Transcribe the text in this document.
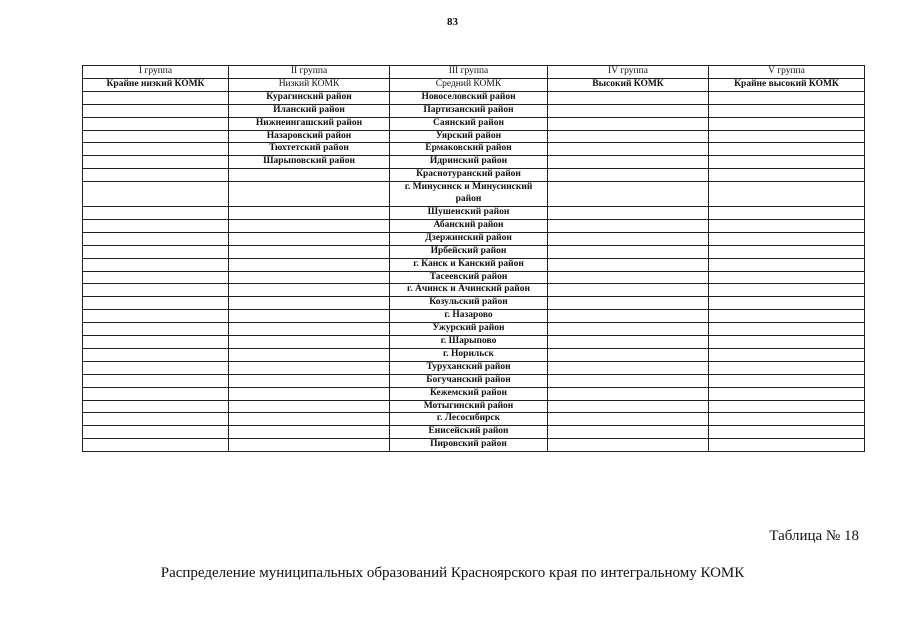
83
I группа	II группа	III группа	IV группа	V группа
Крайне низкий КОМК	Низкий КОМК	Средний КОМК	Высокий КОМК	Крайне высокий КОМК
	Курагинский район	Новоселовский район		
	Иланский район	Партизанский район		
	Нижнеингашский район	Саянский район		
	Назаровский район	Уярский район		
	Тюхтетский район	Ермаковский район		
	Шарыповский район	Идринский район		
		Краснотуранский район		
		г. Минусинск и Минусинский район		
		Шушенский район		
		Абанский район		
		Дзержинский район		
		Ирбейский район		
		г. Канск и Канский район		
		Тасеевский район		
		г. Ачинск и Ачинский район		
		Козульский район		
		г. Назарово		
		Ужурский район		
		г. Шарыпово		
		г. Норильск		
		Туруханский район		
		Богучанский район		
		Кежемский район		
		Мотыгинский район		
		г. Лесосибирск		
		Енисейский район		
		Пировский район		
Таблица № 18
Распределение муниципальных образований Красноярского края по интегральному КОМК
